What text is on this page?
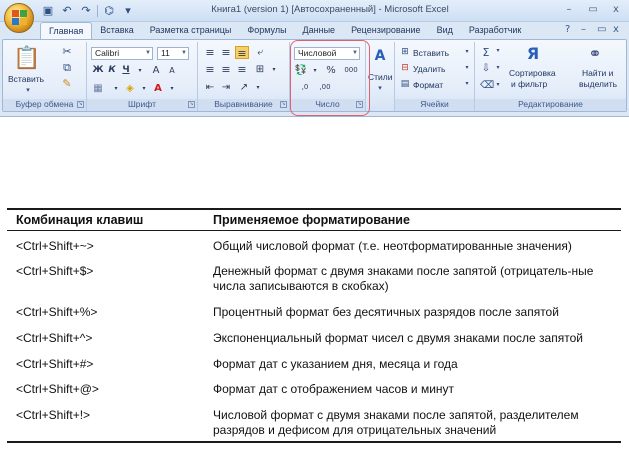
▣ ↶ ↷	⌬	▾	Книга1 (version 1) [Автосохраненный] - Microsoft Excel	–	▭	x
Главная	Вставка	Разметка страницы	Формулы	Данные	Рецензирование	Вид	Разработчик	? – ▭ x
📋
Вставить
▾
✂
⧉
✎
Буфер обмена ↘
Calibri	▼	11 ▼
Ж К Ч	▾	A	A
▦	▾ ◈	▾ A	▾
Шрифт	↘
≡ ≡ ≡	⤶
≡ ≡ ≡ ⊞	▾
⇤ ⇥ ↗	▾
Выравнивание ↘
Числовой	▼
💱	▾ %	000
,0	,00
Число	↘
A
Стили
▾
⊞ Вставить	▾
⊟ Удалить	▾
▤ Формат	▾
Ячейки
Σ	▾
⇩	▾
⌫ ▾
Я
Сортировка
и фильтр
⚭
Найти и
выделить
Редактирование
Комбинация клавиш	Применяемое форматирование
<Ctrl+Shift+~>	Общий числовой формат (т.е. неотформатированные значения)
<Ctrl+Shift+$>	Денежный формат с двумя знаками после запятой (отрицатель-ные числа записываются в скобках)
<Ctrl+Shift+%>	Процентный формат без десятичных разрядов после запятой
<Ctrl+Shift+^>	Экспоненциальный формат чисел с двумя знаками после запятой
<Ctrl+Shift+#>	Формат дат с указанием дня, месяца и года
<Ctrl+Shift+@>	Формат дат с отображением часов и минут
<Ctrl+Shift+!>	Числовой формат с двумя знаками после запятой, разделителем разрядов и дефисом для отрицательных значений
